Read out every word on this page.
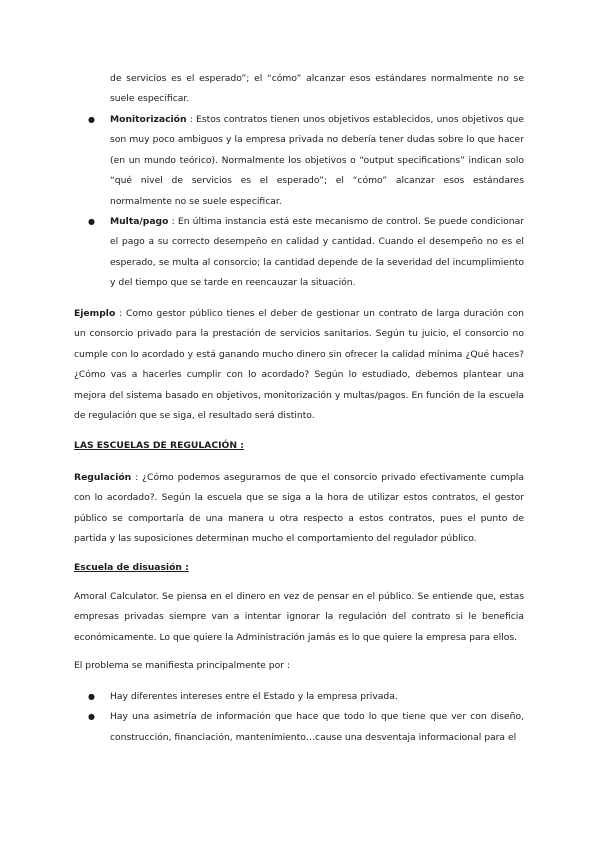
de servicios es el esperado”; el “cómo” alcanzar esos estándares normalmente no se suele especificar.

● Monitorización : Estos contratos tienen unos objetivos establecidos, unos objetivos que son muy poco ambiguos y la empresa privada no debería tener dudas sobre lo que hacer (en un mundo teórico). Normalmente los objetivos o “output specifications” indican solo “qué nivel de servicios es el esperado”; el “cómo” alcanzar esos estándares normalmente no se suele especificar.
● Multa/pago : En última instancia está este mecanismo de control. Se puede condicionar el pago a su correcto desempeño en calidad y cantidad. Cuando el desempeño no es el esperado, se multa al consorcio; la cantidad depende de la severidad del incumplimiento y del tiempo que se tarde en reencauzar la situación.

Ejemplo : Como gestor público tienes el deber de gestionar un contrato de larga duración con un consorcio privado para la prestación de servicios sanitarios. Según tu juicio, el consorcio no cumple con lo acordado y está ganando mucho dinero sin ofrecer la calidad mínima ¿Qué haces? ¿Cómo vas a hacerles cumplir con lo acordado? Según lo estudiado, debemos plantear una mejora del sistema basado en objetivos, monitorización y multas/pagos. En función de la escuela de regulación que se siga, el resultado será distinto.

LAS ESCUELAS DE REGULACIÓN :

Regulación : ¿Cómo podemos asegurarnos de que el consorcio privado efectivamente cumpla con lo acordado?. Según la escuela que se siga a la hora de utilizar estos contratos, el gestor público se comportaría de una manera u otra respecto a estos contratos, pues el punto de partida y las suposiciones determinan mucho el comportamiento del regulador público.

Escuela de disuasión :

Amoral Calculator. Se piensa en el dinero en vez de pensar en el público. Se entiende que, estas empresas privadas siempre van a intentar ignorar la regulación del contrato si le beneficia económicamente. Lo que quiere la Administración jamás es lo que quiere la empresa para ellos.

El problema se manifiesta principalmente por :

● Hay diferentes intereses entre el Estado y la empresa privada.
● Hay una asimetría de información que hace que todo lo que tiene que ver con diseño, construcción, financiación, mantenimiento…cause una desventaja informacional para el
